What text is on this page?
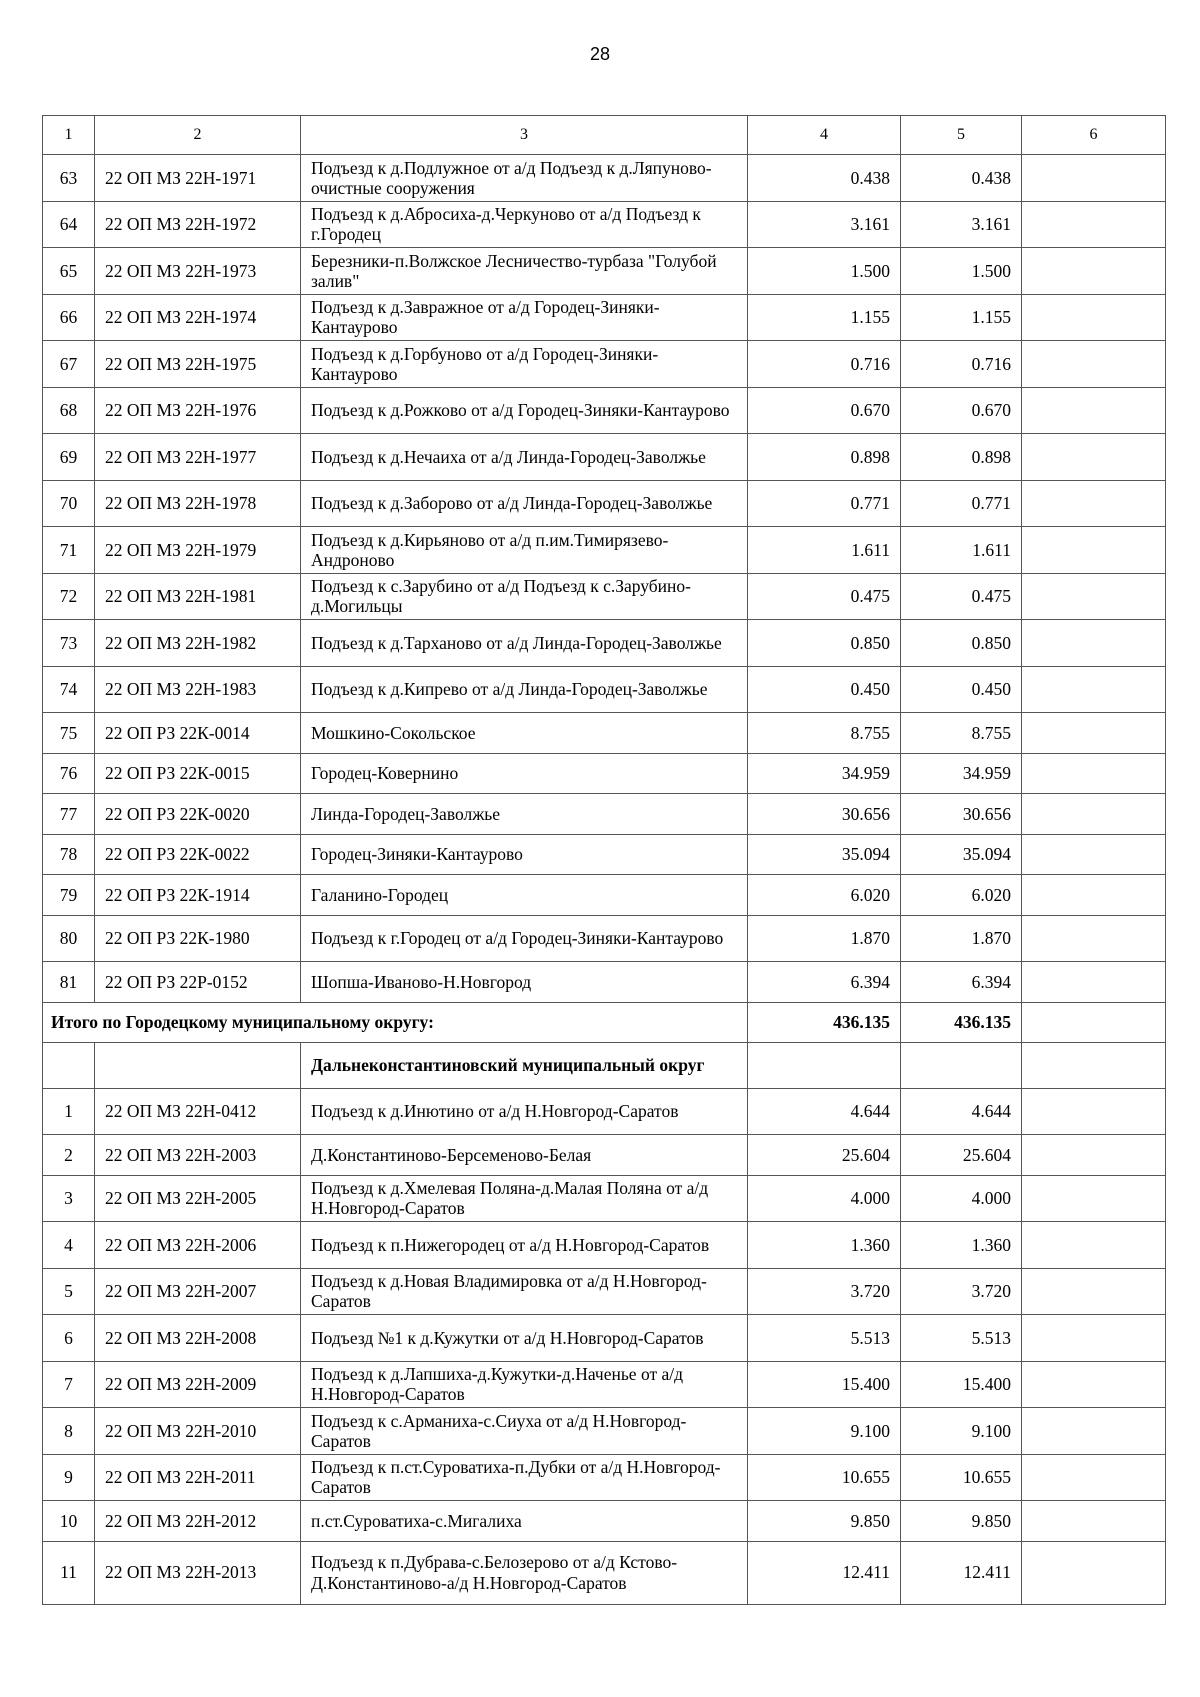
28
1	2	3	4	5	6
63	22 ОП МЗ 22Н-1971	Подъезд к д.Подлужное от а/д Подъезд к д.Ляпуново-очистные сооружения	0.438	0.438	
64	22 ОП МЗ 22Н-1972	Подъезд к д.Абросиха-д.Черкуново от а/д Подъезд к г.Городец	3.161	3.161	
65	22 ОП МЗ 22Н-1973	Березники-п.Волжское Лесничество-турбаза "Голубой залив"	1.500	1.500	
66	22 ОП МЗ 22Н-1974	Подъезд к д.Завражное от а/д Городец-Зиняки-Кантаурово	1.155	1.155	
67	22 ОП МЗ 22Н-1975	Подъезд к д.Горбуново от а/д Городец-Зиняки-Кантаурово	0.716	0.716	
68	22 ОП МЗ 22Н-1976	Подъезд к д.Рожково от а/д Городец-Зиняки-Кантаурово	0.670	0.670	
69	22 ОП МЗ 22Н-1977	Подъезд к д.Нечаиха от а/д Линда-Городец-Заволжье	0.898	0.898	
70	22 ОП МЗ 22Н-1978	Подъезд к д.Заборово от а/д Линда-Городец-Заволжье	0.771	0.771	
71	22 ОП МЗ 22Н-1979	Подъезд к д.Кирьяново от а/д п.им.Тимирязево-Андроново	1.611	1.611	
72	22 ОП МЗ 22Н-1981	Подъезд к с.Зарубино от а/д Подъезд к с.Зарубино-д.Могильцы	0.475	0.475	
73	22 ОП МЗ 22Н-1982	Подъезд к д.Тарханово от а/д Линда-Городец-Заволжье	0.850	0.850	
74	22 ОП МЗ 22Н-1983	Подъезд к д.Кипрево от а/д Линда-Городец-Заволжье	0.450	0.450	
75	22 ОП РЗ 22К-0014	Мошкино-Сокольское	8.755	8.755	
76	22 ОП РЗ 22К-0015	Городец-Ковернино	34.959	34.959	
77	22 ОП РЗ 22К-0020	Линда-Городец-Заволжье	30.656	30.656	
78	22 ОП РЗ 22К-0022	Городец-Зиняки-Кантаурово	35.094	35.094	
79	22 ОП РЗ 22К-1914	Галанино-Городец	6.020	6.020	
80	22 ОП РЗ 22К-1980	Подъезд к г.Городец от а/д Городец-Зиняки-Кантаурово	1.870	1.870	
81	22 ОП РЗ 22Р-0152	Шопша-Иваново-Н.Новгород	6.394	6.394	
Итого по Городецкому муниципальному округу:			436.135	436.135	
		Дальнеконстантиновский муниципальный округ			
1	22 ОП МЗ 22Н-0412	Подъезд к д.Инютино от а/д Н.Новгород-Саратов	4.644	4.644	
2	22 ОП МЗ 22Н-2003	Д.Константиново-Берсеменово-Белая	25.604	25.604	
3	22 ОП МЗ 22Н-2005	Подъезд к д.Хмелевая Поляна-д.Малая Поляна от а/д Н.Новгород-Саратов	4.000	4.000	
4	22 ОП МЗ 22Н-2006	Подъезд к п.Нижегородец от а/д Н.Новгород-Саратов	1.360	1.360	
5	22 ОП МЗ 22Н-2007	Подъезд к д.Новая Владимировка от а/д Н.Новгород-Саратов	3.720	3.720	
6	22 ОП МЗ 22Н-2008	Подъезд №1 к д.Кужутки от а/д Н.Новгород-Саратов	5.513	5.513	
7	22 ОП МЗ 22Н-2009	Подъезд к д.Лапшиха-д.Кужутки-д.Наченье от а/д Н.Новгород-Саратов	15.400	15.400	
8	22 ОП МЗ 22Н-2010	Подъезд к с.Арманиха-с.Сиуха от а/д Н.Новгород-Саратов	9.100	9.100	
9	22 ОП МЗ 22Н-2011	Подъезд к п.ст.Суроватиха-п.Дубки от а/д Н.Новгород-Саратов	10.655	10.655	
10	22 ОП МЗ 22Н-2012	п.ст.Суроватиха-с.Мигалиха	9.850	9.850	
11	22 ОП МЗ 22Н-2013	Подъезд к п.Дубрава-с.Белозерово от а/д Кстово-Д.Константиново-а/д Н.Новгород-Саратов	12.411	12.411	
